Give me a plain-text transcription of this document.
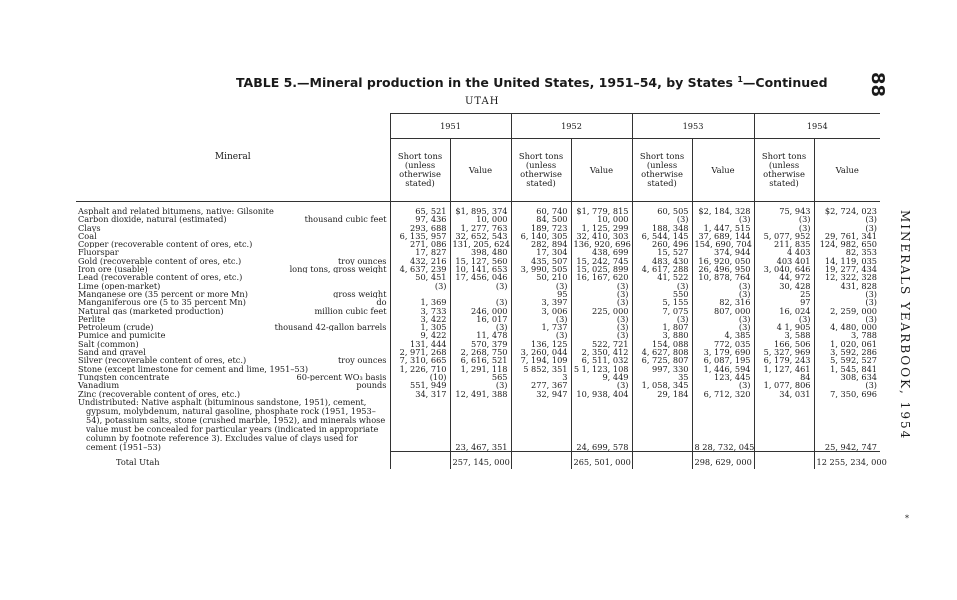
88
MINERALS YEARBOOK, 1954
TABLE 5.—Mineral production in the United States, 1951–54, by States $^1$—Continued
UTAH
Mineral	1951		1952		1953		1954	
	Short tons (unless otherwise stated)	Value	Short tons (unless otherwise stated)	Value	Short tons (unless otherwise stated)	Value	Short tons (unless otherwise stated)	Value
Asphalt and related bitumens, native: Gilsonite	65, 521	$1, 895, 374	60, 740	$1, 779, 815	60, 505	$2, 184, 328	75, 943	$2, 724, 023
Carbon dioxide, natural (estimated) thousand cubic feet	97, 436	10, 000	84, 500	10, 000	(3)	(3)	(3)	(3)
Clays	293, 688	1, 277, 763	189, 723	1, 125, 299	188, 348	1, 447, 515	(3)	(3)
Coal	6, 135, 957	32, 652, 543	6, 140, 305	32, 410, 303	6, 544, 145	37, 689, 144	5, 077, 952	29, 761, 341
Copper (recoverable content of ores, etc.)	271, 086	131, 205, 624	282, 894	136, 920, 696	260, 496	154, 690, 704	211, 835	124, 982, 650
Fluorspar	17, 827	398, 480	17, 304	438, 699	15, 527	374, 944	4 403	82, 353
Gold (recoverable content of ores, etc.) troy ounces	432, 216	15, 127, 560	435, 507	15, 242, 745	483, 430	16, 920, 050	403 401	14, 119, 035
Iron ore (usable) long tons, gross weight	4, 637, 239	10, 141, 653	3, 990, 505	15, 025, 899	4, 617, 288	26, 496, 950	3, 040, 646	19, 277, 434
Lead (recoverable content of ores, etc.)	50, 451	17, 456, 046	50, 210	16, 167, 620	41, 522	10, 878, 764	44, 972	12, 322, 328
Lime (open-market)	(3)	(3)	(3)	(3)	(3)	(3)	30, 428	431, 828
Manganese ore (35 percent or more Mn) gross weight			95	(3)	550	(3)	25	(3)
Manganiferous ore (5 to 35 percent Mn) do	1, 369	(3)	3, 397	(3)	5, 155	82, 316	97	(3)
Natural gas (marketed production) million cubic feet	3, 733	246, 000	3, 006	225, 000	7, 075	807, 000	16, 024	2, 259, 000
Perlite	3, 422	16, 017	(3)	(3)	(3)	(3)	(3)	(3)
Petroleum (crude) thousand 42-gallon barrels	1, 305	(3)	1, 737	(3)	1, 807	(3)	4 1, 905	4, 480, 000
Pumice and pumicite	9, 422	11, 478	(3)	(3)	3, 880	4, 385	3, 588	3, 788
Salt (common)	131, 444	570, 379	136, 125	522, 721	154, 088	772, 035	166, 506	1, 020, 061
Sand and gravel	2, 971, 268	2, 268, 750	3, 260, 044	2, 350, 412	4, 627, 808	3, 179, 690	5, 327, 969	3, 592, 286
Silver (recoverable content of ores, etc.) troy ounces	7, 310, 665	6, 616, 521	7, 194, 109	6, 511, 032	6, 725, 807	6, 087, 195	6, 179, 243	5, 592, 527
Stone (except limestone for cement and lime, 1951–53)	1, 226, 710	1, 291, 118	5 852, 351	5 1, 123, 108	997, 330	1, 446, 594	1, 127, 461	1, 545, 841
Tungsten concentrate 60-percent WO₃ basis	(10)	565	3	9, 449	35	123, 445	84	308, 634
Vanadium pounds	551, 949	(3)	277, 367	(3)	1, 058, 345	(3)	1, 077, 806	(3)
Zinc (recoverable content of ores, etc.)	34, 317	12, 491, 388	32, 947	10, 938, 404	29, 184	6, 712, 320	34, 031	7, 350, 696

Undistributed: Native asphalt (bituminous sandstone, 1951), cement, gypsum, molybdenum, natural gasoline, phosphate rock (1951, 1953–54), potassium salts, stone (crushed marble, 1952), and minerals whose value must be concealed for particular years (indicated in appropriate column by footnote reference 3). Excludes value of clays used for cement (1951–53)		23, 467, 351		24, 699, 578		8 28, 732, 045		25, 942, 747
Total Utah		257, 145, 000		265, 501, 000		298, 629, 000		12 255, 234, 000
*
